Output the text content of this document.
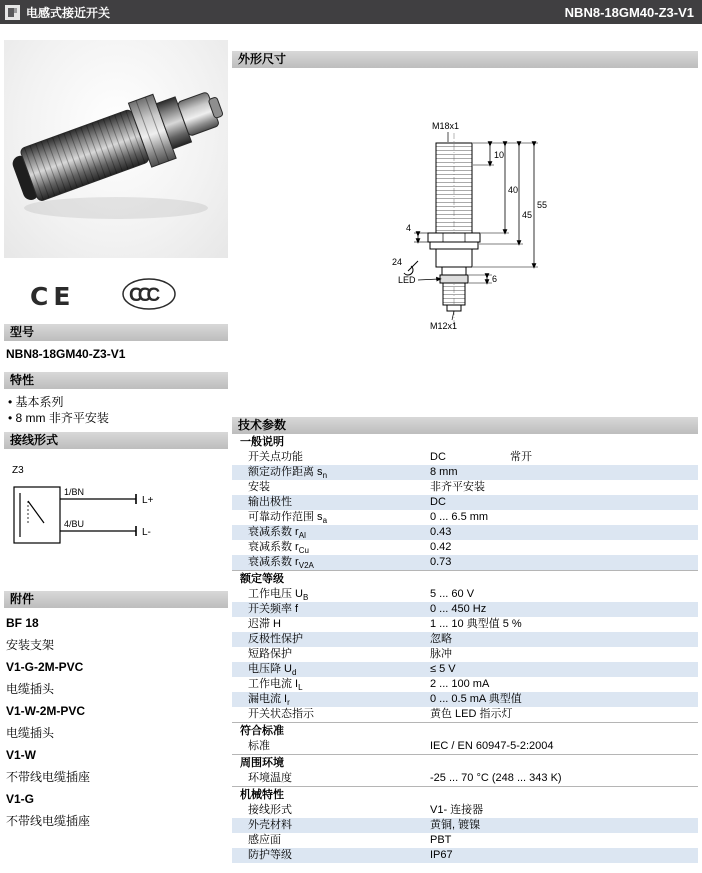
电感式接近开关	NBN8-18GM40-Z3-V1
CE	CCC
型号
NBN8-18GM40-Z3-V1
特性
• 基本系列
• 8 mm 非齐平安装
接线形式
Z3
1/BN
4/BU
L+
L-
附件
BF 18
安装支架
V1-G-2M-PVC
电缆插头
V1-W-2M-PVC
电缆插头
V1-W
不带线电缆插座
V1-G
不带线电缆插座
外形尺寸
M18x1
10
40
45
55
4
24
LED	6
M12x1
技术参数
一般说明
开关点功能	DC	常开
额定动作距离 $s_n$	8 mm
安装	非齐平安装
输出极性	DC
可靠动作范围 $s_a$	0 ... 6.5 mm
衰减系数 $r_{Al}$	0.43
衰减系数 $r_{Cu}$	0.42
衰减系数 $r_{V2A}$	0.73
额定等级
工作电压 $U_B$	5 ... 60 V
开关频率 f	0 ... 450 Hz
迟滞 H	1 ... 10 典型值 5 %
反极性保护	忽略
短路保护	脉冲
电压降 $U_d$	≤ 5 V
工作电流 $I_L$	2 ... 100 mA
漏电流 $I_r$	0 ... 0.5 mA 典型值
开关状态指示	黄色 LED 指示灯
符合标准
标准	IEC / EN 60947-5-2:2004
周围环境
环境温度	-25 ... 70 °C (248 ... 343 K)
机械特性
接线形式	V1- 连接器
外壳材料	黄铜, 镀镍
感应面	PBT
防护等级	IP67
